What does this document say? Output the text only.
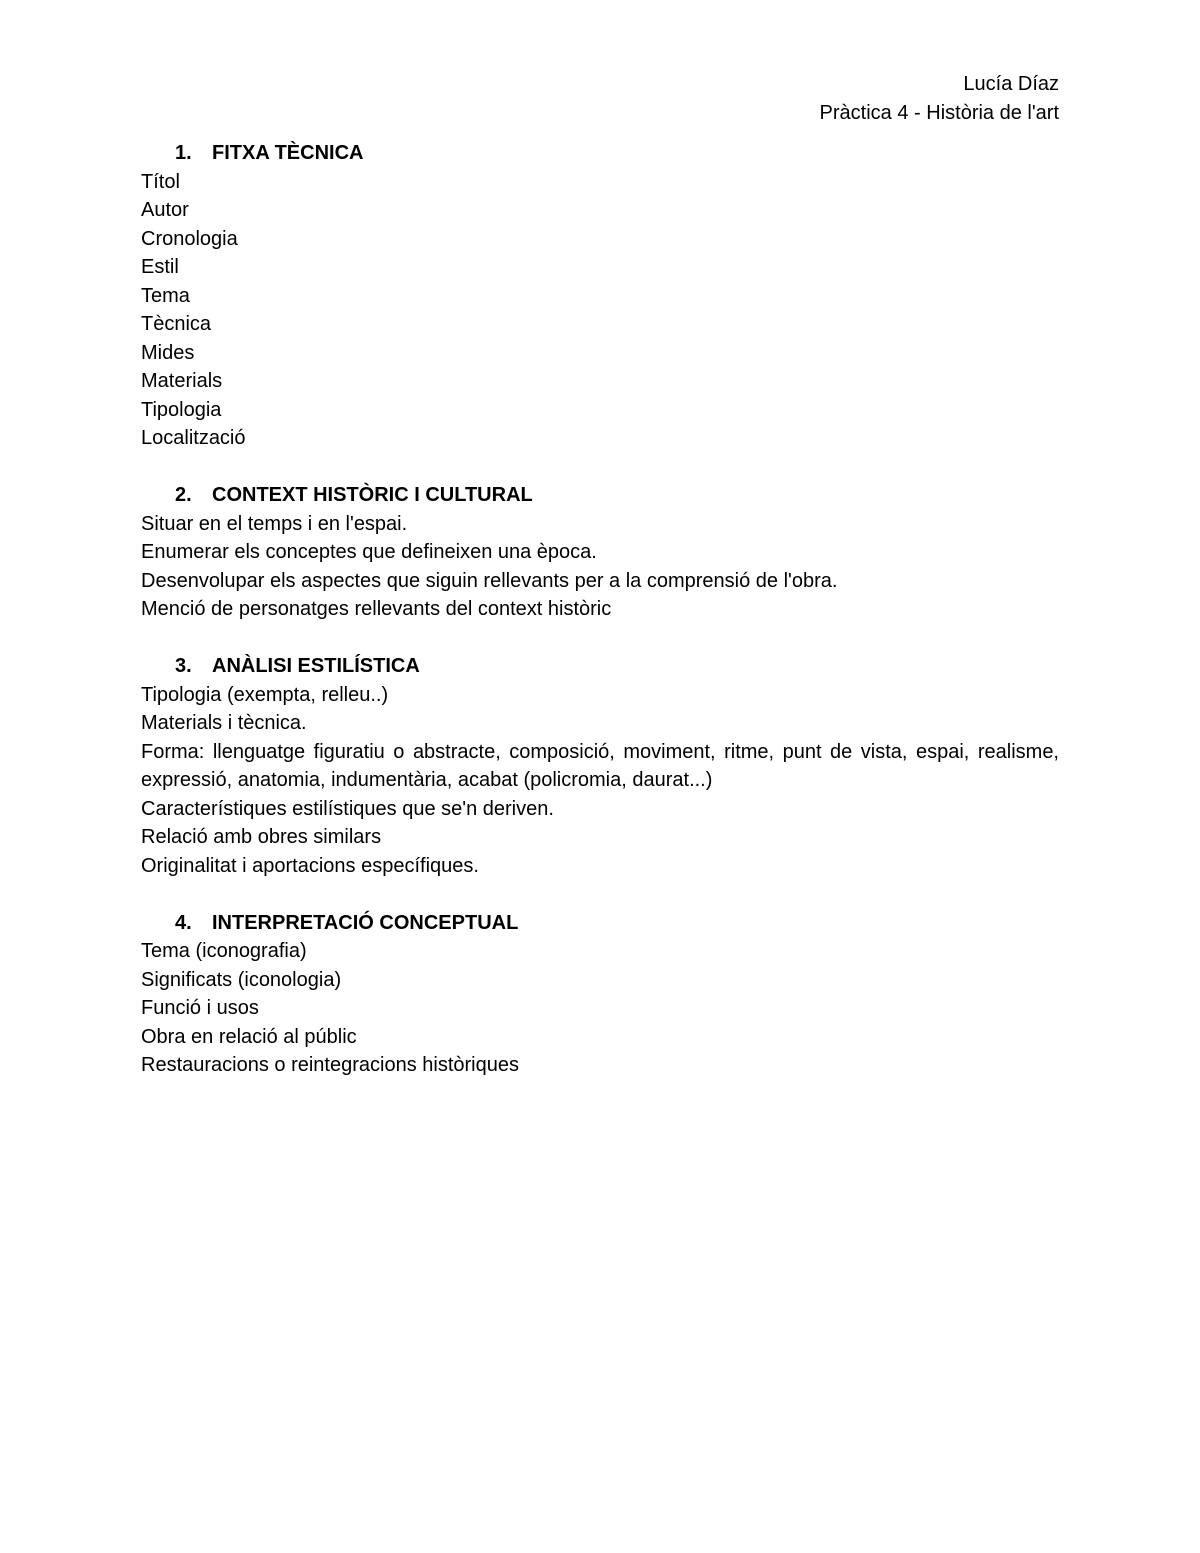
Lucía Díaz
Pràctica 4 - Història de l'art
1.	FITXA TÈCNICA
Títol
Autor
Cronologia
Estil
Tema
Tècnica
Mides
Materials
Tipologia
Localització
2.	CONTEXT HISTÒRIC I CULTURAL
Situar en el temps i en l'espai.
Enumerar els conceptes que defineixen una època.
Desenvolupar els aspectes que siguin rellevants per a la comprensió de l'obra.
Menció de personatges rellevants del context històric
3.	ANÀLISI ESTILÍSTICA
Tipologia (exempta, relleu..)
Materials i tècnica.
Forma: llenguatge figuratiu o abstracte, composició, moviment, ritme, punt de vista, espai, realisme, expressió, anatomia, indumentària, acabat (policromia, daurat...)
Característiques estilístiques que se'n deriven.
Relació amb obres similars
Originalitat i aportacions específiques.
4.	INTERPRETACIÓ CONCEPTUAL
Tema (iconografia)
Significats (iconologia)
Funció i usos
Obra en relació al públic
Restauracions o reintegracions històriques
